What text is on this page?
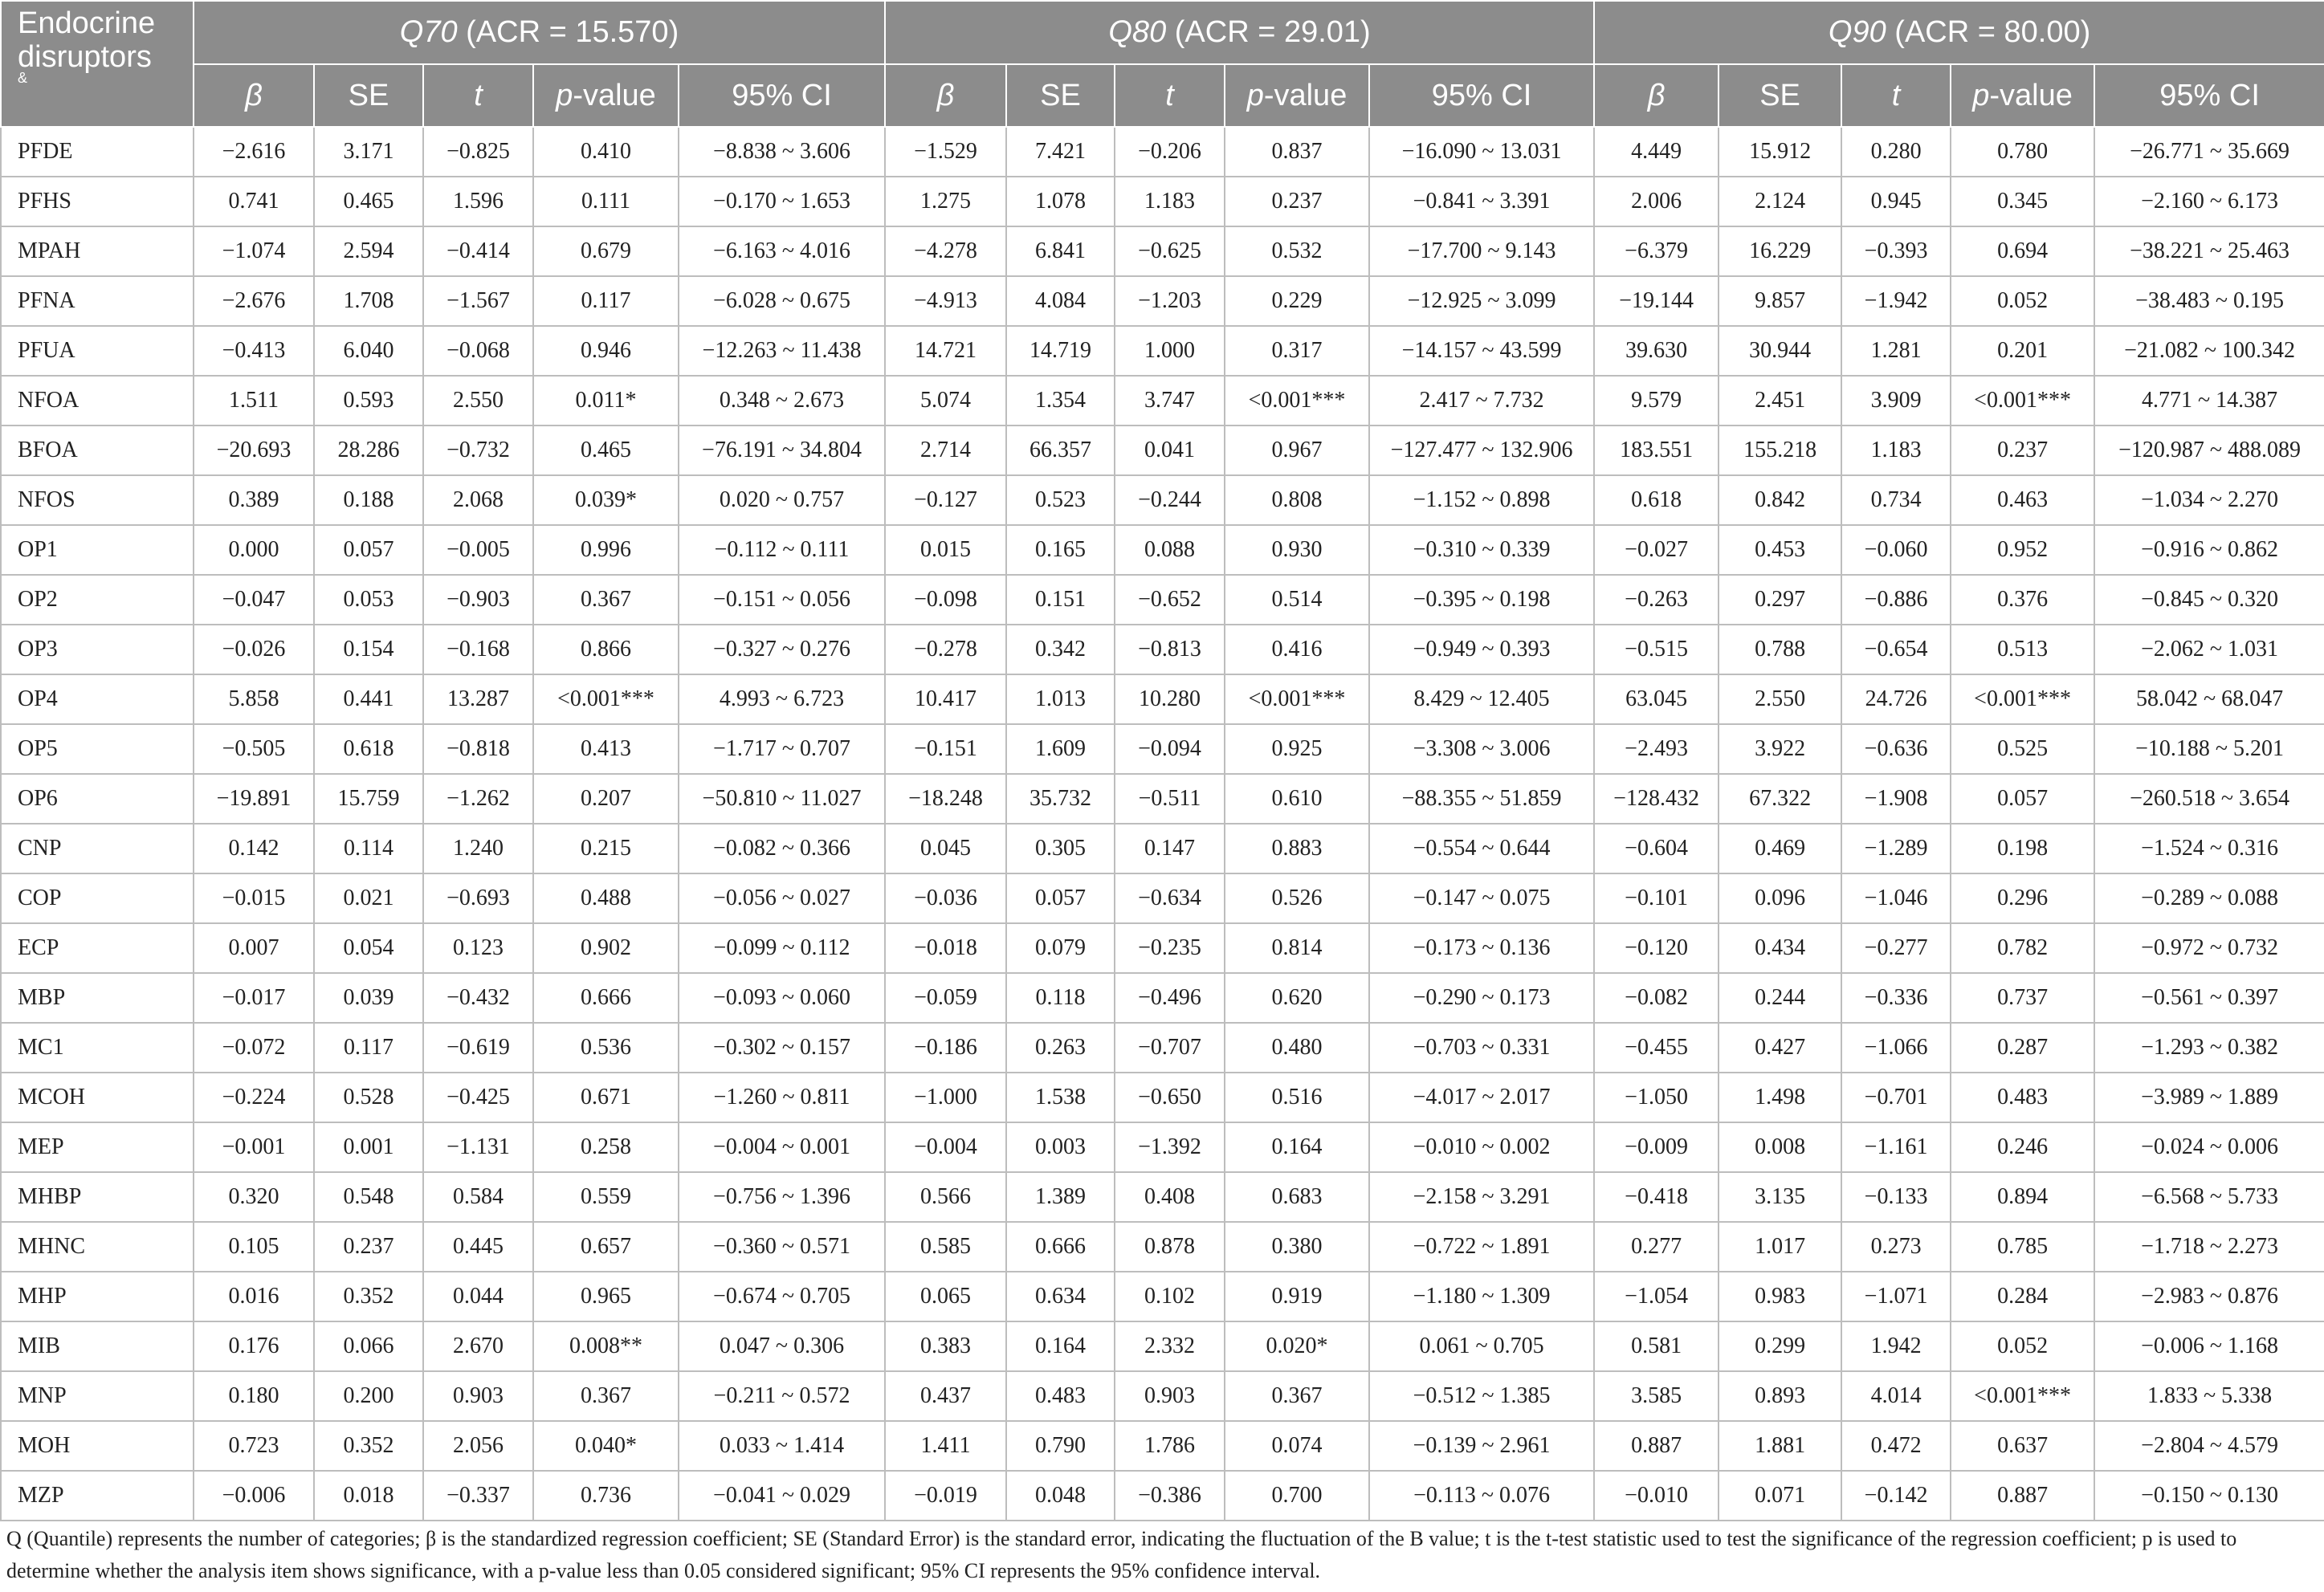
Endocrine disruptors
&	Q70 (ACR = 15.570)					Q80 (ACR = 29.01)					Q90 (ACR = 80.00)				
	β	SE	t	p-value	95% CI	β	SE	t	p-value	95% CI	β	SE	t	p-value	95% CI
PFDE	−2.616	3.171	−0.825	0.410	−8.838 ~ 3.606	−1.529	7.421	−0.206	0.837	−16.090 ~ 13.031	4.449	15.912	0.280	0.780	−26.771 ~ 35.669
PFHS	0.741	0.465	1.596	0.111	−0.170 ~ 1.653	1.275	1.078	1.183	0.237	−0.841 ~ 3.391	2.006	2.124	0.945	0.345	−2.160 ~ 6.173
MPAH	−1.074	2.594	−0.414	0.679	−6.163 ~ 4.016	−4.278	6.841	−0.625	0.532	−17.700 ~ 9.143	−6.379	16.229	−0.393	0.694	−38.221 ~ 25.463
PFNA	−2.676	1.708	−1.567	0.117	−6.028 ~ 0.675	−4.913	4.084	−1.203	0.229	−12.925 ~ 3.099	−19.144	9.857	−1.942	0.052	−38.483 ~ 0.195
PFUA	−0.413	6.040	−0.068	0.946	−12.263 ~ 11.438	14.721	14.719	1.000	0.317	−14.157 ~ 43.599	39.630	30.944	1.281	0.201	−21.082 ~ 100.342
NFOA	1.511	0.593	2.550	0.011*	0.348 ~ 2.673	5.074	1.354	3.747	<0.001***	2.417 ~ 7.732	9.579	2.451	3.909	<0.001***	4.771 ~ 14.387
BFOA	−20.693	28.286	−0.732	0.465	−76.191 ~ 34.804	2.714	66.357	0.041	0.967	−127.477 ~ 132.906	183.551	155.218	1.183	0.237	−120.987 ~ 488.089
NFOS	0.389	0.188	2.068	0.039*	0.020 ~ 0.757	−0.127	0.523	−0.244	0.808	−1.152 ~ 0.898	0.618	0.842	0.734	0.463	−1.034 ~ 2.270
OP1	0.000	0.057	−0.005	0.996	−0.112 ~ 0.111	0.015	0.165	0.088	0.930	−0.310 ~ 0.339	−0.027	0.453	−0.060	0.952	−0.916 ~ 0.862
OP2	−0.047	0.053	−0.903	0.367	−0.151 ~ 0.056	−0.098	0.151	−0.652	0.514	−0.395 ~ 0.198	−0.263	0.297	−0.886	0.376	−0.845 ~ 0.320
OP3	−0.026	0.154	−0.168	0.866	−0.327 ~ 0.276	−0.278	0.342	−0.813	0.416	−0.949 ~ 0.393	−0.515	0.788	−0.654	0.513	−2.062 ~ 1.031
OP4	5.858	0.441	13.287	<0.001***	4.993 ~ 6.723	10.417	1.013	10.280	<0.001***	8.429 ~ 12.405	63.045	2.550	24.726	<0.001***	58.042 ~ 68.047
OP5	−0.505	0.618	−0.818	0.413	−1.717 ~ 0.707	−0.151	1.609	−0.094	0.925	−3.308 ~ 3.006	−2.493	3.922	−0.636	0.525	−10.188 ~ 5.201
OP6	−19.891	15.759	−1.262	0.207	−50.810 ~ 11.027	−18.248	35.732	−0.511	0.610	−88.355 ~ 51.859	−128.432	67.322	−1.908	0.057	−260.518 ~ 3.654
CNP	0.142	0.114	1.240	0.215	−0.082 ~ 0.366	0.045	0.305	0.147	0.883	−0.554 ~ 0.644	−0.604	0.469	−1.289	0.198	−1.524 ~ 0.316
COP	−0.015	0.021	−0.693	0.488	−0.056 ~ 0.027	−0.036	0.057	−0.634	0.526	−0.147 ~ 0.075	−0.101	0.096	−1.046	0.296	−0.289 ~ 0.088
ECP	0.007	0.054	0.123	0.902	−0.099 ~ 0.112	−0.018	0.079	−0.235	0.814	−0.173 ~ 0.136	−0.120	0.434	−0.277	0.782	−0.972 ~ 0.732
MBP	−0.017	0.039	−0.432	0.666	−0.093 ~ 0.060	−0.059	0.118	−0.496	0.620	−0.290 ~ 0.173	−0.082	0.244	−0.336	0.737	−0.561 ~ 0.397
MC1	−0.072	0.117	−0.619	0.536	−0.302 ~ 0.157	−0.186	0.263	−0.707	0.480	−0.703 ~ 0.331	−0.455	0.427	−1.066	0.287	−1.293 ~ 0.382
MCOH	−0.224	0.528	−0.425	0.671	−1.260 ~ 0.811	−1.000	1.538	−0.650	0.516	−4.017 ~ 2.017	−1.050	1.498	−0.701	0.483	−3.989 ~ 1.889
MEP	−0.001	0.001	−1.131	0.258	−0.004 ~ 0.001	−0.004	0.003	−1.392	0.164	−0.010 ~ 0.002	−0.009	0.008	−1.161	0.246	−0.024 ~ 0.006
MHBP	0.320	0.548	0.584	0.559	−0.756 ~ 1.396	0.566	1.389	0.408	0.683	−2.158 ~ 3.291	−0.418	3.135	−0.133	0.894	−6.568 ~ 5.733
MHNC	0.105	0.237	0.445	0.657	−0.360 ~ 0.571	0.585	0.666	0.878	0.380	−0.722 ~ 1.891	0.277	1.017	0.273	0.785	−1.718 ~ 2.273
MHP	0.016	0.352	0.044	0.965	−0.674 ~ 0.705	0.065	0.634	0.102	0.919	−1.180 ~ 1.309	−1.054	0.983	−1.071	0.284	−2.983 ~ 0.876
MIB	0.176	0.066	2.670	0.008**	0.047 ~ 0.306	0.383	0.164	2.332	0.020*	0.061 ~ 0.705	0.581	0.299	1.942	0.052	−0.006 ~ 1.168
MNP	0.180	0.200	0.903	0.367	−0.211 ~ 0.572	0.437	0.483	0.903	0.367	−0.512 ~ 1.385	3.585	0.893	4.014	<0.001***	1.833 ~ 5.338
MOH	0.723	0.352	2.056	0.040*	0.033 ~ 1.414	1.411	0.790	1.786	0.074	−0.139 ~ 2.961	0.887	1.881	0.472	0.637	−2.804 ~ 4.579
MZP	−0.006	0.018	−0.337	0.736	−0.041 ~ 0.029	−0.019	0.048	−0.386	0.700	−0.113 ~ 0.076	−0.010	0.071	−0.142	0.887	−0.150 ~ 0.130
Q (Quantile) represents the number of categories; β is the standardized regression coefficient; SE (Standard Error) is the standard error, indicating the fluctuation of the B value; t is the t-test statistic used to test the significance of the regression coefficient; p is used to determine whether the analysis item shows significance, with a p-value less than 0.05 considered significant; 95% CI represents the 95% confidence interval.
